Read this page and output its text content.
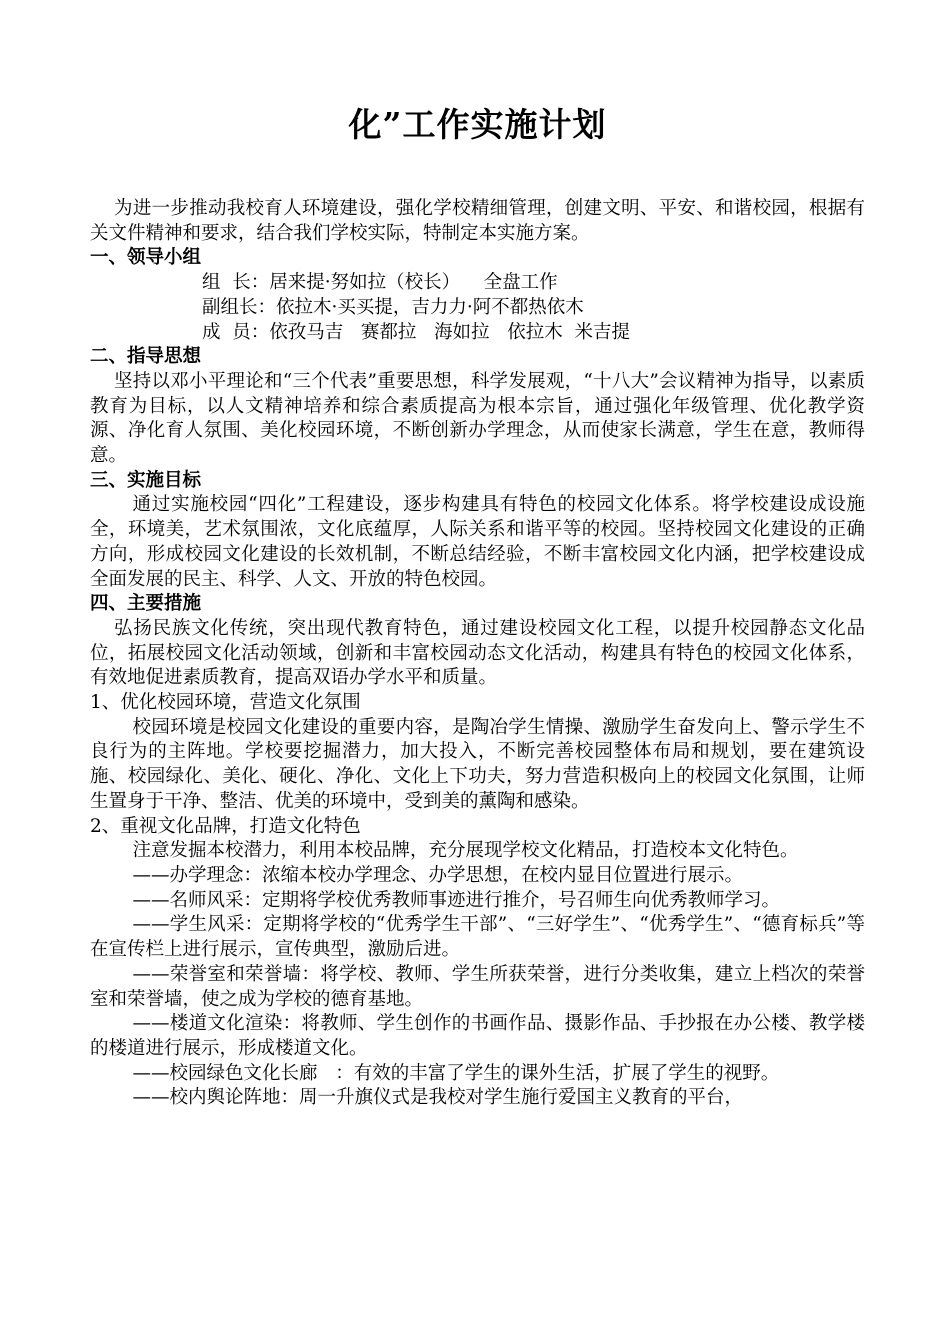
化”工作实施计划

为进一步推动我校育人环境建设，强化学校精细管理，创建文明、平安、和谐校园，根据有关文件精神和要求，结合我们学校实际，特制定本实施方案。

一、领导小组

组  长：居来提·努如拉（校长）    全盘工作

副组长：依拉木·买买提，吉力力·阿不都热依木

成  员：依孜马吉   赛都拉   海如拉   依拉木  米吉提

二、指导思想

坚持以邓小平理论和“三个代表”重要思想，科学发展观，“十八大”会议精神为指导，以素质教育为目标，以人文精神培养和综合素质提高为根本宗旨，通过强化年级管理、优化教学资源、净化育人氛围、美化校园环境，不断创新办学理念，从而使家长满意，学生在意，教师得意。

三、实施目标

通过实施校园“四化”工程建设，逐步构建具有特色的校园文化体系。将学校建设成设施全，环境美，艺术氛围浓，文化底蕴厚，人际关系和谐平等的校园。坚持校园文化建设的正确方向，形成校园文化建设的长效机制，不断总结经验，不断丰富校园文化内涵，把学校建设成全面发展的民主、科学、人文、开放的特色校园。

四、主要措施

弘扬民族文化传统，突出现代教育特色，通过建设校园文化工程，以提升校园静态文化品位，拓展校园文化活动领域，创新和丰富校园动态文化活动，构建具有特色的校园文化体系，有效地促进素质教育，提高双语办学水平和质量。

1、优化校园环境，营造文化氛围

校园环境是校园文化建设的重要内容，是陶冶学生情操、激励学生奋发向上、警示学生不良行为的主阵地。学校要挖掘潜力，加大投入，不断完善校园整体布局和规划，要在建筑设施、校园绿化、美化、硬化、净化、文化上下功夫，努力营造积极向上的校园文化氛围，让师生置身于干净、整洁、优美的环境中，受到美的薰陶和感染。

2、重视文化品牌，打造文化特色

注意发掘本校潜力，利用本校品牌，充分展现学校文化精品，打造校本文化特色。

——办学理念：浓缩本校办学理念、办学思想，在校内显目位置进行展示。

——名师风采：定期将学校优秀教师事迹进行推介，号召师生向优秀教师学习。

——学生风采：定期将学校的“优秀学生干部”、“三好学生”、“优秀学生”、“德育标兵”等在宣传栏上进行展示，宣传典型，激励后进。

——荣誉室和荣誉墙：将学校、教师、学生所获荣誉，进行分类收集，建立上档次的荣誉室和荣誉墙，使之成为学校的德育基地。

——楼道文化渲染：将教师、学生创作的书画作品、摄影作品、手抄报在办公楼、教学楼的楼道进行展示，形成楼道文化。

——校园绿色文化长廊   ：有效的丰富了学生的课外生活，扩展了学生的视野。

——校内舆论阵地：周一升旗仪式是我校对学生施行爱国主义教育的平台，
